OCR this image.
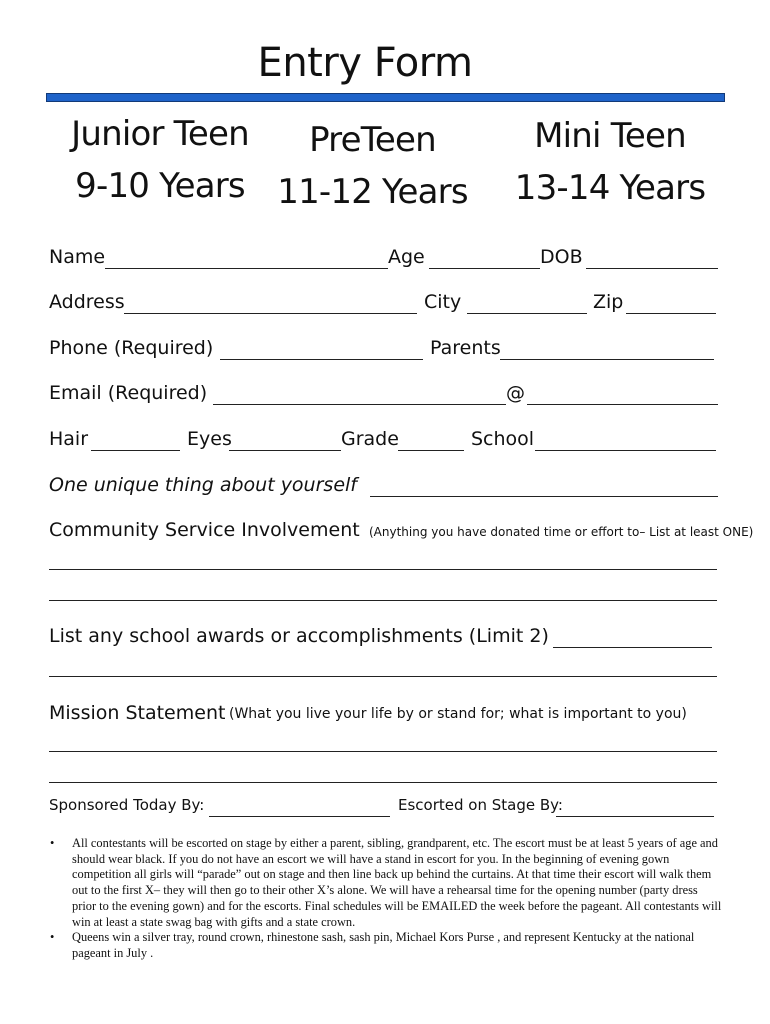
Entry Form
Junior Teen
9-10 Years
PreTeen
11-12 Years
Mini Teen
13-14 Years
Name	Age	DOB
Address	City	Zip
Phone (Required)	Parents
Email (Required)	@
Hair	Eyes	Grade	School
One unique thing about yourself
Community Service Involvement (Anything you have donated time or effort to– List at least ONE)
List any school awards or accomplishments (Limit 2)
Mission Statement (What you live your life by or stand for; what is important to you)
Sponsored Today By:	Escorted on Stage By:
• All contestants will be escorted on stage by either a parent, sibling, grandparent, etc. The escort must be at least 5 years of age and should wear black. If you do not have an escort we will have a stand in escort for you. In the beginning of evening gown competition all girls will “parade” out on stage and then line back up behind the curtains. At that time their escort will walk them out to the first X– they will then go to their other X’s alone. We will have a rehearsal time for the opening number (party dress prior to the evening gown) and for the escorts. Final schedules will be EMAILED the week before the pageant. All contestants will win at least a state swag bag with gifts and a state crown.
• Queens win a silver tray, round crown, rhinestone sash, sash pin, Michael Kors Purse , and represent Kentucky at the national pageant in July .
